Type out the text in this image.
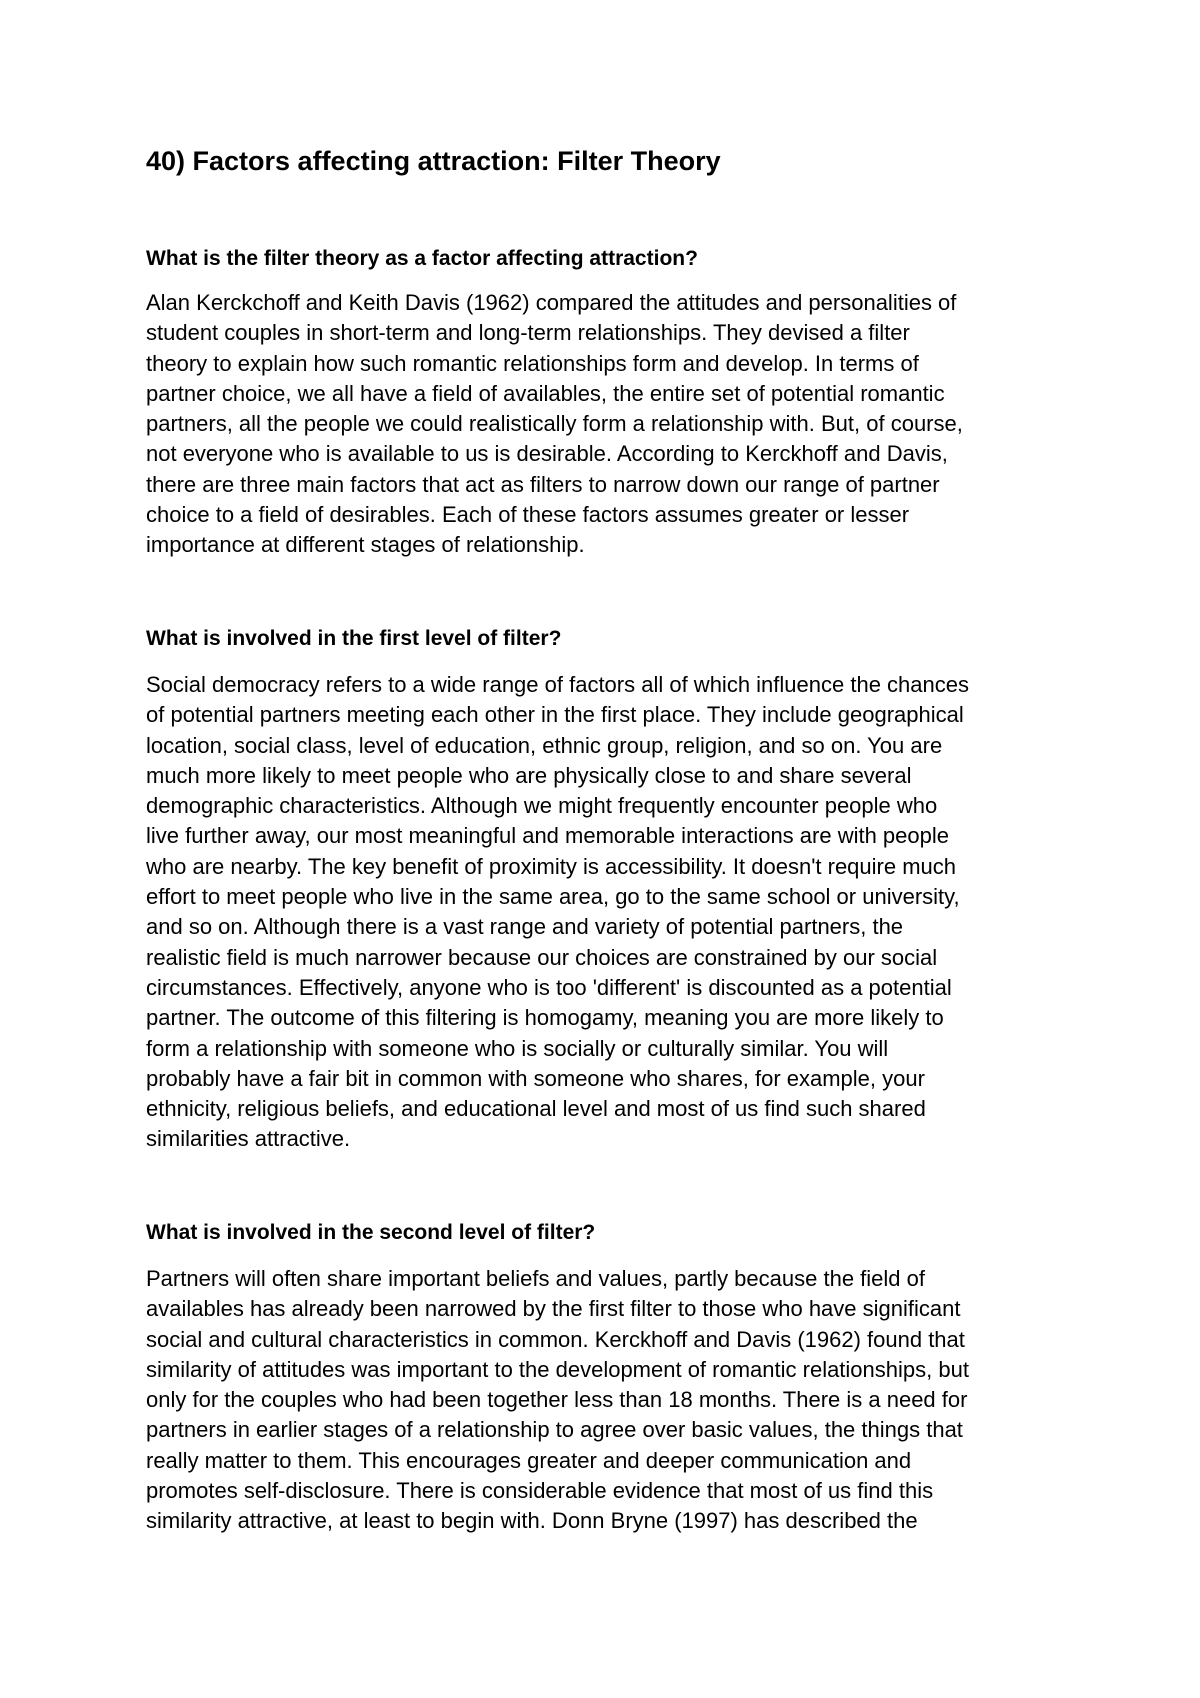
40) Factors affecting attraction: Filter Theory
What is the filter theory as a factor affecting attraction?

Alan Kerckchoff and Keith Davis (1962) compared the attitudes and personalities of
student couples in short-term and long-term relationships. They devised a filter
theory to explain how such romantic relationships form and develop. In terms of
partner choice, we all have a field of availables, the entire set of potential romantic
partners, all the people we could realistically form a relationship with. But, of course,
not everyone who is available to us is desirable. According to Kerckhoff and Davis,
there are three main factors that act as filters to narrow down our range of partner
choice to a field of desirables. Each of these factors assumes greater or lesser
importance at different stages of relationship.

What is involved in the first level of filter?

Social democracy refers to a wide range of factors all of which influence the chances
of potential partners meeting each other in the first place. They include geographical
location, social class, level of education, ethnic group, religion, and so on. You are
much more likely to meet people who are physically close to and share several
demographic characteristics. Although we might frequently encounter people who
live further away, our most meaningful and memorable interactions are with people
who are nearby. The key benefit of proximity is accessibility. It doesn't require much
effort to meet people who live in the same area, go to the same school or university,
and so on. Although there is a vast range and variety of potential partners, the
realistic field is much narrower because our choices are constrained by our social
circumstances. Effectively, anyone who is too 'different' is discounted as a potential
partner. The outcome of this filtering is homogamy, meaning you are more likely to
form a relationship with someone who is socially or culturally similar. You will
probably have a fair bit in common with someone who shares, for example, your
ethnicity, religious beliefs, and educational level and most of us find such shared
similarities attractive.

What is involved in the second level of filter?

Partners will often share important beliefs and values, partly because the field of
availables has already been narrowed by the first filter to those who have significant
social and cultural characteristics in common. Kerckhoff and Davis (1962) found that
similarity of attitudes was important to the development of romantic relationships, but
only for the couples who had been together less than 18 months. There is a need for
partners in earlier stages of a relationship to agree over basic values, the things that
really matter to them. This encourages greater and deeper communication and
promotes self-disclosure. There is considerable evidence that most of us find this
similarity attractive, at least to begin with. Donn Bryne (1997) has described the
